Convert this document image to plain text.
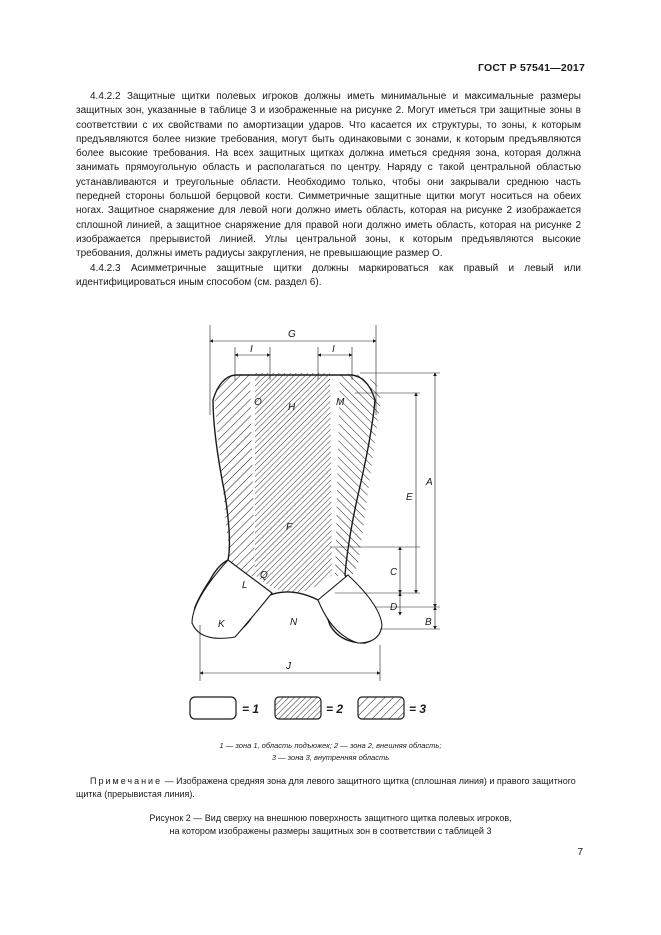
ГОСТ Р 57541—2017

4.4.2.2 Защитные щитки полевых игроков должны иметь минимальные и максимальные размеры защитных зон, указанные в таблице 3 и изображенные на рисунке 2. Могут иметься три защитные зоны в соответствии с их свойствами по амортизации ударов. Что касается их структуры, то зоны, к которым предъявляются более низкие требования, могут быть одинаковыми с зонами, к которым предъявляются более высокие требования. На всех защитных щитках должна иметься средняя зона, которая должна занимать прямоугольную область и располагаться по центру. Наряду с такой центральной областью устанавливаются и треугольные области. Необходимо только, чтобы они закрывали среднюю часть передней стороны большой берцовой кости. Симметричные защитные щитки могут носиться на обеих ногах. Защитное снаряжение для левой ноги должно иметь область, которая на рисунке 2 изображается сплошной линией, а защитное снаряжение для правой ноги должно иметь область, которая на рисунке 2 изображается прерывистой линией. Углы центральной зоны, к которым предъявляются высокие требования, должны иметь радиусы закругления, не превышающие размер O.

4.4.2.3 Асимметричные защитные щитки должны маркироваться как правый и левый или идентифицироваться иным способом (см. раздел 6).

G
I	I
O	H	M
F
E
A
C
D
B
L
Q
K	N
J
= 1	= 2	= 3
1 — зона 1, область подъюжек; 2 — зона 2, внешняя область;
3 — зона 3, внутренняя область
Примечание — Изображена средняя зона для левого защитного щитка (сплошная линия) и правого защитного щитка (прерывистая линия).
Рисунок 2 — Вид сверху на внешнюю поверхность защитного щитка полевых игроков,
на котором изображены размеры защитных зон в соответствии с таблицей 3
7
